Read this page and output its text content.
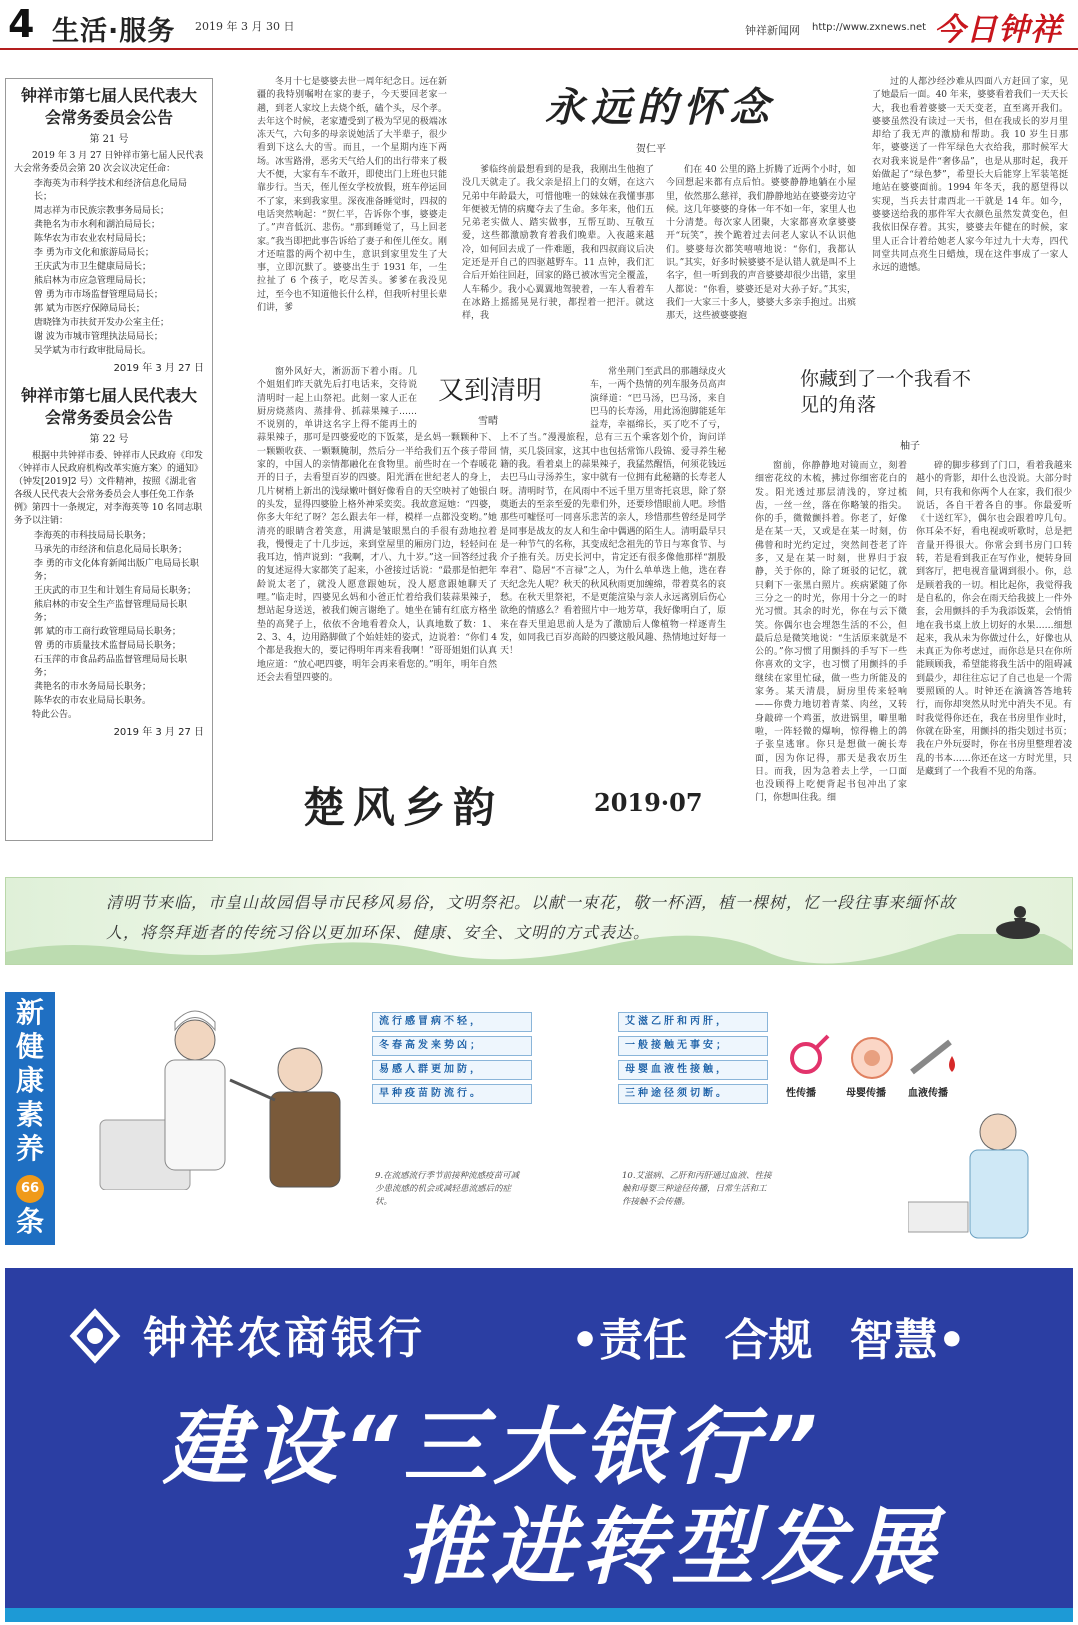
4 生活·服务 2019 年 3 月 30 日	钟祥新闻网 http://www.zxnews.net 今日钟祥
钟祥市第七届人民代表大会常务委员会公告
第 21 号

2019 年 3 月 27 日钟祥市第七届人民代表大会常务委员会第 20 次会议决定任命：

李海英为市科学技术和经济信息化局局长；
周志祥为市民族宗教事务局局长；
龚艳名为市水利和湖泊局局长；
陈华农为市农业农村局局长；
李 勇为市文化和旅游局局长；
王庆武为市卫生健康局局长；
熊启林为市应急管理局局长；
曾 勇为市市场监督管理局局长；
郭 斌为市医疗保障局局长；
唐晓锋为市扶贫开发办公室主任；
谢 波为市城市管理执法局局长；
吴学斌为市行政审批局局长。
2019 年 3 月 27 日
钟祥市第七届人民代表大会常务委员会公告
第 22 号

根据中共钟祥市委、钟祥市人民政府《印发〈钟祥市人民政府机构改革实施方案〉的通知》（钟发[2019]2 号）文件精神，按照《湖北省各级人民代表大会常务委员会人事任免工作条例》第四十一条规定，对李海英等 10 名同志职务予以注销：

李海英的市科技局局长职务；
马承先的市经济和信息化局局长职务；
李 勇的市文化体育新闻出版广电局局长职务；
王庆武的市卫生和计划生育局局长职务；
熊启林的市安全生产监督管理局局长职务；
郭 斌的市工商行政管理局局长职务；
曾 勇的市质量技术监督局局长职务；
石玉萍的市食品药品监督管理局局长职务；
龚艳名的市水务局局长职务；
陈华农的市农业局局长职务。

特此公告。

2019 年 3 月 27 日

冬月十七是婆婆去世一周年纪念日。远在新疆的我特别嘱咐在家的妻子，今天要回老家一趟，到老人家坟上去烧个纸，磕个头，尽个孝。去年这个时候，老家遭受到了极为罕见的极端冰冻天气，六旬多的母亲说她活了大半辈子，很少看到下这么大的雪。而且，一个星期内连下两场。冰雪路滑，恶劣天气给人们的出行带来了极大不便，大家有车不敢开，即使出门上班也只能靠步行。当天，侄儿侄女学校放假，班车停运回不了家，来到我家里。深夜准备睡觉时，四叔的电话突然响起：“贺仁平，告诉你个事，婆婆走了。”声音低沉、悲伤。“那到睡觉了，马上回老家。”我当即把此事告诉给了妻子和侄儿侄女。刚才还喧嚣的两个初中生，意识到家里发生了大事，立即沉默了。婆婆出生于 1931 年，一生拉扯了 6 个孩子，吃尽苦头。爹爹在我没见过，至今也不知道他长什么样，但我听村里长辈们讲，爹

永远的怀念
贺仁平

爹临终前最想看到的是我，我刚出生他抱了没几天就走了。我父亲是招上门的女婿，在这六兄弟中年龄最大，可惜他唯一的妹妹在我懂事那年便被无情的病魔夺去了生命。多年来，他们五兄弟老实做人、踏实做事，互帮互助、互敬互爱，这些都激励教育着我们晚辈。入夜越来越冷，如何回去成了一件难题，我和四叔商议后决定还是开自己的四驱越野车。11 点钟，我们汇合后开始往回赶，回家的路已被冰雪完全覆盖，人车稀少。我小心翼翼地驾驶着，一车人看着车在冰路上摇摇晃晃行驶，都捏着一把汗。就这样，我

们在 40 公里的路上折腾了近两个小时，如今回想起来都有点后怕。婆婆静静地躺在小屋里，依然那么慈祥，我们静静地站在婆婆旁边守候。这几年婆婆的身体一年不如一年，家里人也十分清楚。每次家人团聚，大家都喜欢拿婆婆开“玩笑”，挨个跪着过去问老人家认不认识他们。婆婆每次都笑嘻嘻地说：“你们，我都认识。”其实，好多时候婆婆不是认错人就是叫不上名字，但一听到我的声音婆婆却很少出错，家里人都说：“你看，婆婆还是对大孙子好。”其实，我们一大家三十多人，婆婆大多亲手抱过。出殡那天，这些被婆婆抱

过的人都沙经沙难从四面八方赶回了家，见了她最后一面。40 年来，婆婆看着我们一天天长大，我也看着婆婆一天天变老，直至离开我们。婆婆虽然没有读过一天书，但在我成长的岁月里却给了我无声的激励和帮助。我 10 岁生日那年，婆婆送了一件军绿色大衣给我，那时候军大衣对我来说是件“奢侈品”，也是从那时起，我开始做起了“绿色梦”，希望长大后能穿上军装笔挺地站在婆婆面前。1994 年冬天，我的愿望得以实现，当兵去甘肃西北一干就是 14 年。如今，婆婆送给我的那件军大衣颜色虽然发黄变色，但我依旧保存着。其实，婆婆去年健在的时候，家里人正合计着给她老人家今年过九十大寿，四代同堂共同点亮生日蜡烛，现在这件事成了一家人永远的遗憾。

又到清明
雪晴

窗外风好大，淅沥沥下着小雨。几个姐姐们昨天就先后打电话来，交待说清明时一起上山祭祀。此刻一家人正在厨房烧蒸肉、蒸排骨、抓蒜果辣子……不说别的，单讲这名字上得不能再土的蒜果辣子，那可是四婆爱吃的下饭菜，是幺妈一颗颗种下、一颗颗收获、一颗颗腌制，然后分一半给我们五个孩子带回家的，中国人的亲情都融化在食物里。前些时在一个春暖花开的日子，去看望百岁的四婆。阳光洒在世纪老人的身上，几片树梢上新出的浅绿嫩叶倒好像看自的天空映衬了她银白的头发，显得四婆脸上格外神采奕奕。我故意逗她：“四婆，你多大年纪了呀？怎么跟去年一样，模样一点都没变哟。”她清亮的眼睛含着笑意，用满是皱眼黑白的手很有劲地拉着我，慢慢走了十几步远，来到堂屋里的厢房门边，轻轻问在我耳边，悄声说到：“我啊，才八、九十岁。”这一回答经过我的复述逗得大家都笑了起来，小爸接过话说：“最那是怕把年龄说太老了，就没人愿意跟她玩，没人愿意跟她聊天了哩。”临走时，四婆见幺妈和小爸正忙着给我们装蒜果辣子，想站起身送送，被我们婉言谢绝了。她坐在铺有红底方格坐垫的高凳子上，依依不舍地看着众人，认真地数了数：1、2、3、4，边用路脚做了个始娃娃的姿式，边说着：“你们 4 个都是我抱大的，要记得明年再来看我啊！”哥哥姐姐们认真地应道：“放心吧四婆，明年会再来看您的。”明年，明年自然还会去看望四婆的。

常坐荆门至武昌的那趟绿皮火车，一两个热情的列车服务员高声演绎道：“巴马汤，巴马汤，来自巴马的长寿汤，用此汤泡脚能延年益寿，幸福绵长，买了吃不了亏，上不了当。”漫漫旅程，总有三五个乘客划个价，询问详情，买几袋回家，这其中也包括常饰八段锦、爱寻养生秘籍的我。看着桌上的蒜果辣子，我猛然醒悟，何须花钱远去巴马山寻汤养生，家中就有一位拥有此秘籍的长寿老人呀。清明时节，在风雨中不远千里万里寄托哀思，除了祭奠逝去的至亲至爱的先辈们外，还要珍惜眼前人吧。珍惜那些可嘘怪可一同喜乐悲苦的亲人，珍惜那些曾经是同学是同事是战友的友人和生命中偶遇的陌生人。清明最早只是一种节气的名称，其变成纪念祖先的节日与寒食节、与介子推有关。历史长河中，肯定还有很多像他那样“割股奉君”、隐居“不言禄”之人，为什么单单选上他，选在春天纪念先人呢？秋天的秋风秋雨更加缠绵，带着莫名的哀愁。在秋天里祭祀，不是更能渲染与亲人永远离别后伤心欲绝的情感么？看着照片中一地芳草，我好像明白了，原来在春天里追思前人是为了激励后人像植物一样逐青生发，如同我已百岁高龄的四婆这般风趣、热情地过好每一天！

楚风乡韵	2019·07
你藏到了一个我看不见的角落
柚子

窗前，你静静地对镜而立，刻着细密花纹的木梳，拂过你细密花白的发。阳光透过那层清浅的，穿过梳齿，一丝一丝，落在你略皱的指尖。你的手，微微颤抖着。你老了，好像是在某一天，又或是在某一时刻，仿佛曾和时光约定过，突然间苍老了许多，又是在某一时刻，世界归于寂静，关于你的，除了斑驳的记忆，就只剩下一张黑白照片。疾病紧随了你三分之一的时光，你用十分之一的时光习惯。其余的时光，你在与云下微笑。你偶尔也会埋怨生活的不公，但最后总是微笑地说：“生活原来就是不公的。”你习惯了用颤抖的手写下一些你喜欢的文字，也习惯了用颤抖的手继续在家里忙碌，做一些力所能及的家务。某天清晨，厨房里传来轻响——你费力地切着青菜、肉丝，又转身敲碎一个鸡蛋，放进锅里，噼里啪啦，一阵轻微的爆响，惊得檐上的鸽子张皇逃窜。你只是想做一碗长寿面，因为你记得，那天是我农历生日。而我，因为急着去上学，一口面也没顾得上吃便背起书包冲出了家门，你想叫住我。细

碎的脚步移到了门口，看着我越来越小的背影，却什么也没说。大部分时间，只有我和你两个人在家，我们很少说话，各自干着各自的事。你最爱听《十送红军》，偶尔也会跟着哼几句。你耳朵不好，看电视或听歌时，总是把音量开得很大。你常会到书房门口转转，若是看到我正在写作业，便转身回到客厅，把电视音量调到很小。你，总是顾着我的一切。相比起你，我觉得我是自私的，你会在雨天给我披上一件外套，会用颤抖的手为我添饭菜，会悄悄地在我书桌上放上切好的水果……细想起来，我从未为你做过什么，好像也从未真正为你考虑过，而你总是只在你所能顾顾我，希望能将我生活中的阻碍减到最少，却往往忘记了自己也是一个需要照顾的人。时钟还在滴滴答答地转行，而你却突然从时光中消失不见。有时我觉得你还在，我在书房里作业时，你就在卧室，用颤抖的指尖划过书页；我在户外玩耍时，你在书房里整理着凌乱的书本……你还在这一方时光里，只是藏到了一个我看不见的角落。

清明节来临，市皇山故园倡导市民移风易俗，文明祭祀。以献一束花，敬一杯酒，植一棵树，忆一段往事来缅怀故人，将祭拜逝者的传统习俗以更加环保、健康、安全、文明的方式表达。
新健康素养
66
条
流行感冒病不轻，
冬春高发来势凶；
易感人群更加防，
早种疫苗防流行。
9.在流感流行季节前接种流感疫苗可减少患流感的机会或减轻患流感后的症状。
艾滋乙肝和丙肝，
一般接触无事安；
母婴血液性接触，
三种途径须切断。
10.艾滋病、乙肝和丙肝通过血液、性接触和母婴三种途径传播，日常生活和工作接触不会传播。
性传播	母婴传播 血液传播
钟祥农商银行	•责任 合规 智慧•
建设“三大银行”
推进转型发展
